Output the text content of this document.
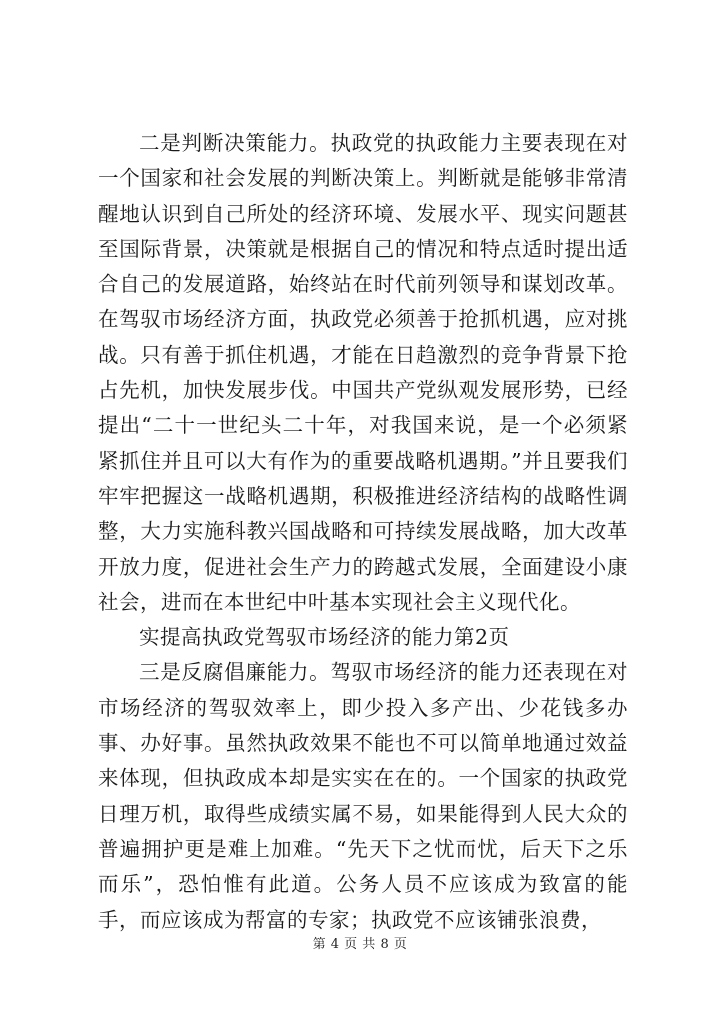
二是判断决策能力。执政党的执政能力主要表现在对一个国家和社会发展的判断决策上。判断就是能够非常清醒地认识到自己所处的经济环境、发展水平、现实问题甚至国际背景，决策就是根据自己的情况和特点适时提出适合自己的发展道路，始终站在时代前列领导和谋划改革。在驾驭市场经济方面，执政党必须善于抢抓机遇，应对挑战。只有善于抓住机遇，才能在日趋激烈的竞争背景下抢占先机，加快发展步伐。中国共产党纵观发展形势，已经提出“二十一世纪头二十年，对我国来说，是一个必须紧紧抓住并且可以大有作为的重要战略机遇期。”并且要我们牢牢把握这一战略机遇期，积极推进经济结构的战略性调整，大力实施科教兴国战略和可持续发展战略，加大改革开放力度，促进社会生产力的跨越式发展，全面建设小康社会，进而在本世纪中叶基本实现社会主义现代化。

实提高执政党驾驭市场经济的能力第2页

三是反腐倡廉能力。驾驭市场经济的能力还表现在对市场经济的驾驭效率上，即少投入多产出、少花钱多办事、办好事。虽然执政效果不能也不可以简单地通过效益来体现，但执政成本却是实实在在的。一个国家的执政党日理万机，取得些成绩实属不易，如果能得到人民大众的普遍拥护更是难上加难。“先天下之忧而忧，后天下之乐而乐”，恐怕惟有此道。公务人员不应该成为致富的能手，而应该成为帮富的专家；执政党不应该铺张浪费，

第 4 页 共 8 页
